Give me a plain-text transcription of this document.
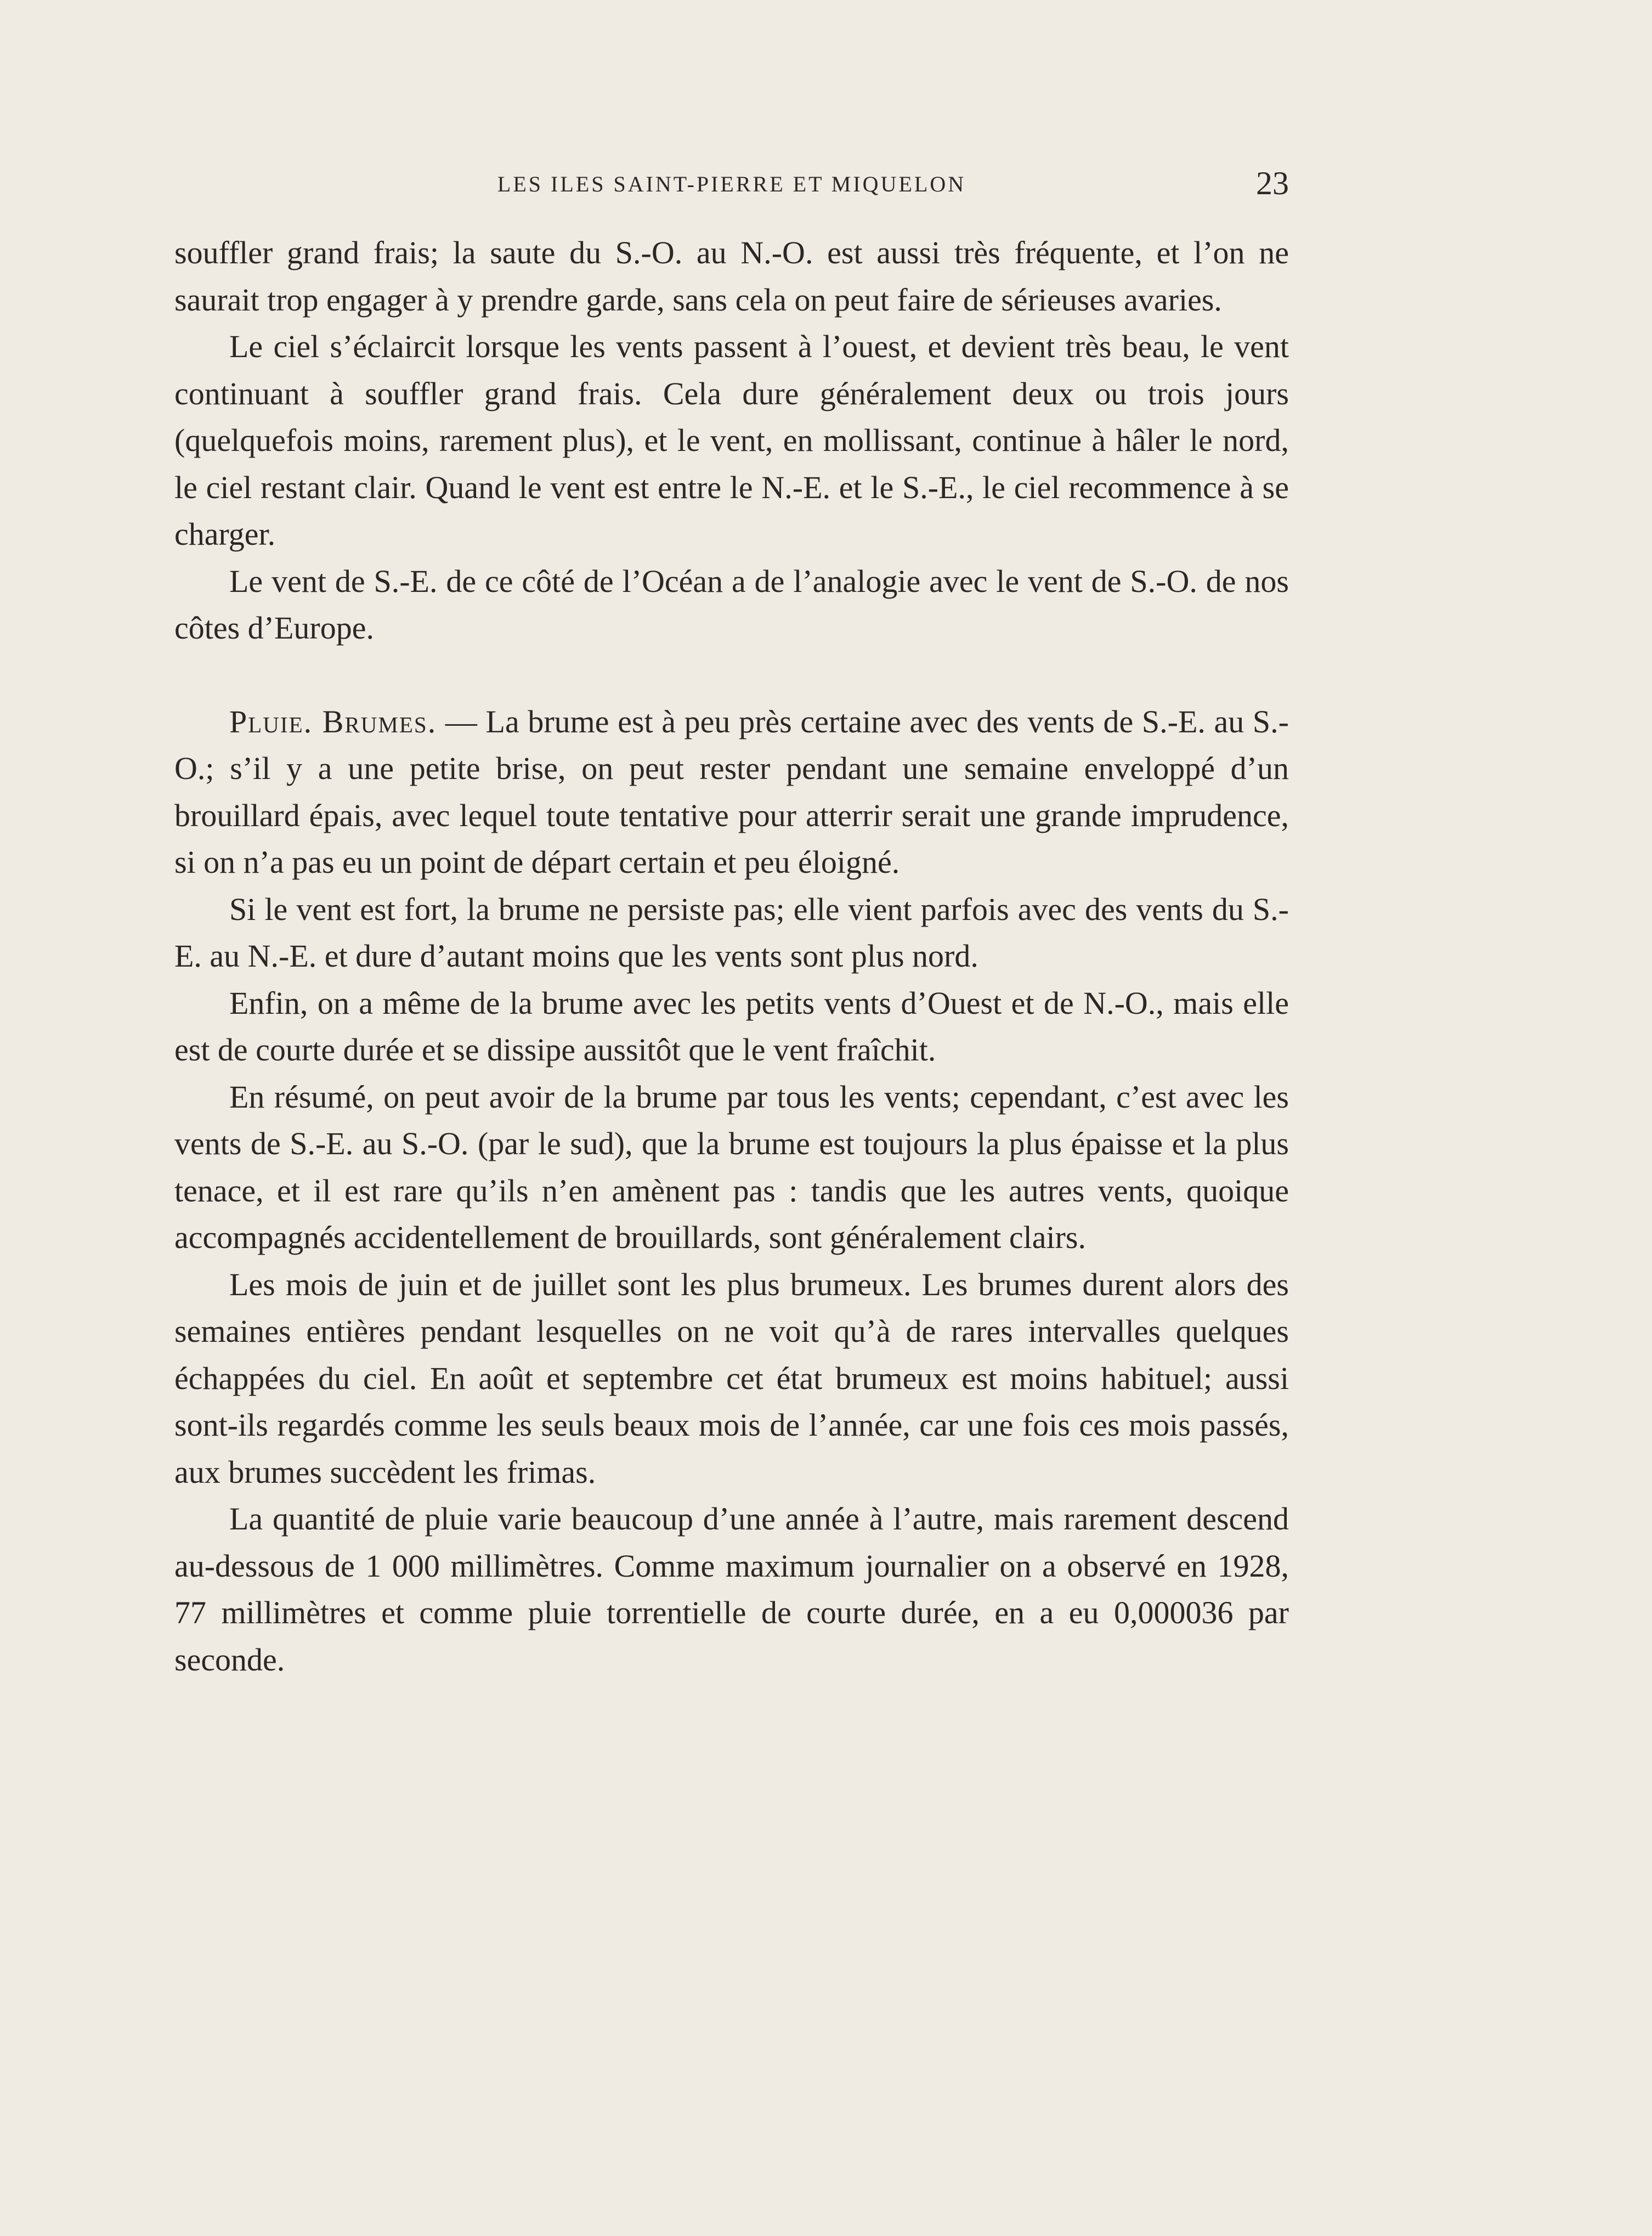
LES ILES SAINT-PIERRE ET MIQUELON	23

souffler grand frais; la saute du S.-O. au N.-O. est aussi très fréquente, et l’on ne saurait trop engager à y prendre garde, sans cela on peut faire de sérieuses avaries.

Le ciel s’éclaircit lorsque les vents passent à l’ouest, et devient très beau, le vent continuant à souffler grand frais. Cela dure généralement deux ou trois jours (quelquefois moins, rarement plus), et le vent, en mollissant, continue à hâler le nord, le ciel restant clair. Quand le vent est entre le N.-E. et le S.-E., le ciel recommence à se charger.

Le vent de S.-E. de ce côté de l’Océan a de l’analogie avec le vent de S.-O. de nos côtes d’Europe.

Pluie. Brumes. — La brume est à peu près certaine avec des vents de S.-E. au S.-O.; s’il y a une petite brise, on peut rester pendant une semaine enveloppé d’un brouillard épais, avec lequel toute tentative pour atterrir serait une grande imprudence, si on n’a pas eu un point de départ certain et peu éloigné.

Si le vent est fort, la brume ne persiste pas; elle vient parfois avec des vents du S.-E. au N.-E. et dure d’autant moins que les vents sont plus nord.

Enfin, on a même de la brume avec les petits vents d’Ouest et de N.-O., mais elle est de courte durée et se dissipe aussitôt que le vent fraîchit.

En résumé, on peut avoir de la brume par tous les vents; cependant, c’est avec les vents de S.-E. au S.-O. (par le sud), que la brume est toujours la plus épaisse et la plus tenace, et il est rare qu’ils n’en amènent pas : tandis que les autres vents, quoique accompagnés accidentellement de brouillards, sont généralement clairs.

Les mois de juin et de juillet sont les plus brumeux. Les brumes durent alors des semaines entières pendant lesquelles on ne voit qu’à de rares intervalles quelques échappées du ciel. En août et septembre cet état brumeux est moins habituel; aussi sont-ils regardés comme les seuls beaux mois de l’année, car une fois ces mois passés, aux brumes succèdent les frimas.

La quantité de pluie varie beaucoup d’une année à l’autre, mais rarement descend au-dessous de 1 000 millimètres. Comme maximum journalier on a observé en 1928, 77 millimètres et comme pluie torrentielle de courte durée, en a eu 0,000036 par seconde.
